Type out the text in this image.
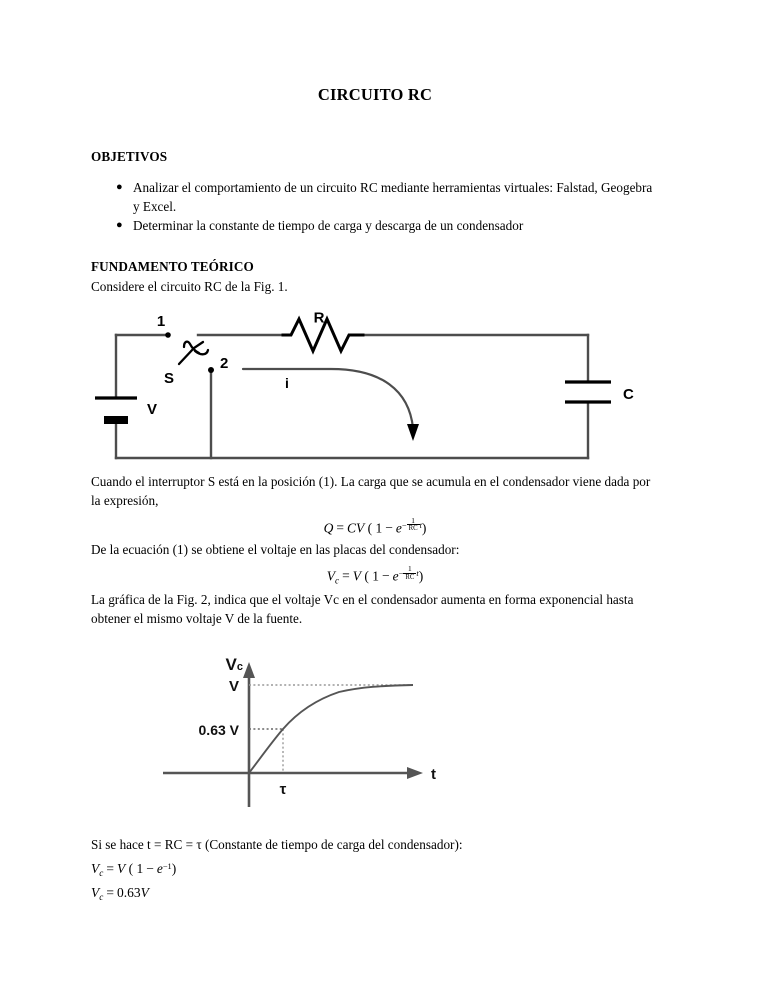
CIRCUITO RC
OBJETIVOS
● Analizar el comportamiento de un circuito RC mediante herramientas virtuales: Falstad, Geogebra y Excel.
● Determinar la constante de tiempo de carga y descarga de un condensador
FUNDAMENTO TEÓRICO

Considere el circuito RC de la Fig. 1.

R
V
C
i
1
2
S

Cuando el interruptor S está en la posición (1). La carga que se acumula en el condensador viene dada por la expresión,

Q = CV ( $1 - e- \frac{1}{RC} t$)

De la ecuación (1) se obtiene el voltaje en las placas del condensador:

$V_c = V$ ( $1 - e- \frac{1}{RC} t$)

La gráfica de la Fig. 2, indica que el voltaje Vc en el condensador aumenta en forma exponencial hasta obtener el mismo voltaje V de la fuente.

$V_c$
V
0.63 V
τ
t

Si se hace t = RC = τ (Constante de tiempo de carga del condensador):

$V_c = V$ ( 1 − e−1)
$V_c = 0.63V$
